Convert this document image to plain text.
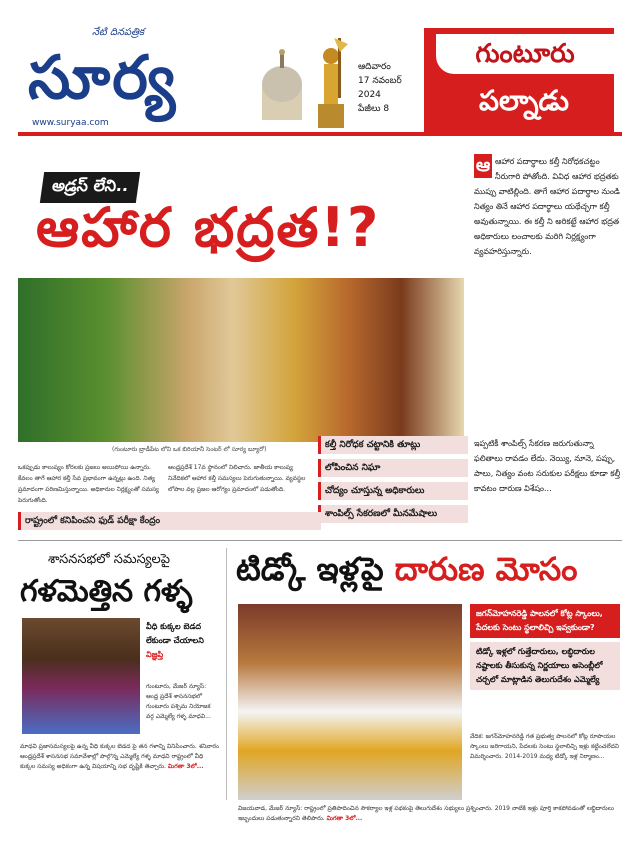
నేటి దినపత్రిక
సూర్య
www.suryaa.com
ఆదివారం
17 నవంబర్
2024
పేజీలు 8
గుంటూరు
పల్నాడు
అడ్రస్ లేని..
ఆహార భద్రత!?
(గుంటూరు బ్రాడీపేట లోని ఒక బిరియానీ సెంటర్ లో సూర్య బ్యూరో)
ఆ ఆహార పదార్థాలు కల్తీ నిరోధకచట్టం నీరుగారి పోతోంది. వివిధ ఆహార భద్రతకు ముప్పు వాటిల్లింది. తాగే ఆహార పదార్థాల నుండి నిత్యం తినే ఆహార పదార్థాలు యథేచ్ఛగా కల్తీ అవుతున్నాయి. ఈ కల్తీ ని అరికట్టే ఆహార భద్రత అధికారులు లంచాలకు మరిగి నిర్లక్ష్యంగా వ్యవహరిస్తున్నారు.
ఒకప్పుడు కాలుష్యం కోరలకు ప్రజలు అయిపోయి ఉన్నారు. కేవలం తాగే ఆహార కల్తీ సేవ ప్రభావంగా ఉన్నట్లు ఉంది. నిత్య ప్రమాదంగా పరిణమిస్తున్నాయి. అధికారుల నిర్లక్ష్యంతో సమస్య పెరుగుతోంది.
ఆంధ్రప్రదేశ్ 17వ స్థానంలో నిలిచారు. జాతీయ కాలుష్య నివేదికలో ఆహార కల్తీ సమస్యలు పెరుగుతున్నాయి. వ్యవస్థల లోపాల వల్ల ప్రజల ఆరోగ్యం ప్రమాదంలో పడుతోంది.
కల్తీ నిరోధక చట్టానికి తూట్లు
లోపించిన నిఘా
చోద్యం చూస్తున్న అధికారులు
శాంపిల్స్ సేకరణలో మీనమేషాలు
ఇప్పటికీ శాంపిల్స్ సేకరణ జరుగుతున్నా ఫలితాలు రావడం లేదు. నెయ్యి, నూనె, పప్పు, పాలు, నిత్యం వంట సరుకుల పరీక్షలు కూడా కల్తీ కావటం దారుణ విశేషం...
రాష్ట్రంలో కనిపించని ఫుడ్ పరీక్షా కేంద్రం
శాసనసభలో సమస్యలపై
గళమెత్తిన గళ్ళ
వీధి కుక్కల బెడద లేకుండా చేయాలని
విజ్ఞప్తి
గుంటూరు, మేజర్ న్యూస్: ఆంధ్ర ప్రదేశ్ శాసనసభలో గుంటూరు పశ్చిమ నియోజక వర్గ ఎమ్మెల్యే గళ్ళ మాధవి...
మాధవి ప్రజాసమస్యలపై ఉన్న వీధి కుక్కల బెడద పై తన గళాన్ని వినిపించారు. శనివారం ఆంధ్రప్రదేశ్ శాసనసభ సమావేశాల్లో పాల్గొన్న ఎమ్మెల్యే గళ్ళ మాధవి రాష్ట్రంలో వీధి కుక్కల సమస్య అధికంగా ఉన్న విషయాన్ని సభ దృష్టికి తెచ్చారు. మిగతా 3లో...
టిడ్కో ఇళ్లపై దారుణ మోసం
జగన్‌మోహనరెడ్డి పాలనలో కోట్ల స్కాంలు, పేదలకు సెంటు స్థలాలిచ్చి ఇవ్వకుండా?
టిడ్కో ఇళ్లలో గుత్తేదారులు, లబ్ధిదారుల నష్టాలకు తీసుకున్న నిర్ణయాలు అసెంబ్లీలో చర్చలో మాట్లాడిన తెలుగుదేశం ఎమ్మెల్యే
వేదిక: జగన్‌మోహనరెడ్డి గత ప్రభుత్వ పాలనలో కోట్ల రూపాయల స్కాంలు జరిగాయని, పేదలకు సెంటు స్థలాలిచ్చి ఇళ్లు కట్టించలేదని విమర్శించారు. 2014-2019 మధ్య టిడ్కో ఇళ్ల నిర్మాణం...
విజయవాడ, మేజర్ న్యూస్: రాష్ట్రంలో ప్రతిపాదించిన సౌకర్యాల ఇళ్ల పథకంపై తెలుగుదేశం సభ్యులు ప్రశ్నించారు. 2019 నాటికి ఇళ్లు పూర్తి కాకపోవడంతో లబ్ధిదారులు ఇబ్బందులు పడుతున్నారని తెలిపారు. మిగతా 3లో...
